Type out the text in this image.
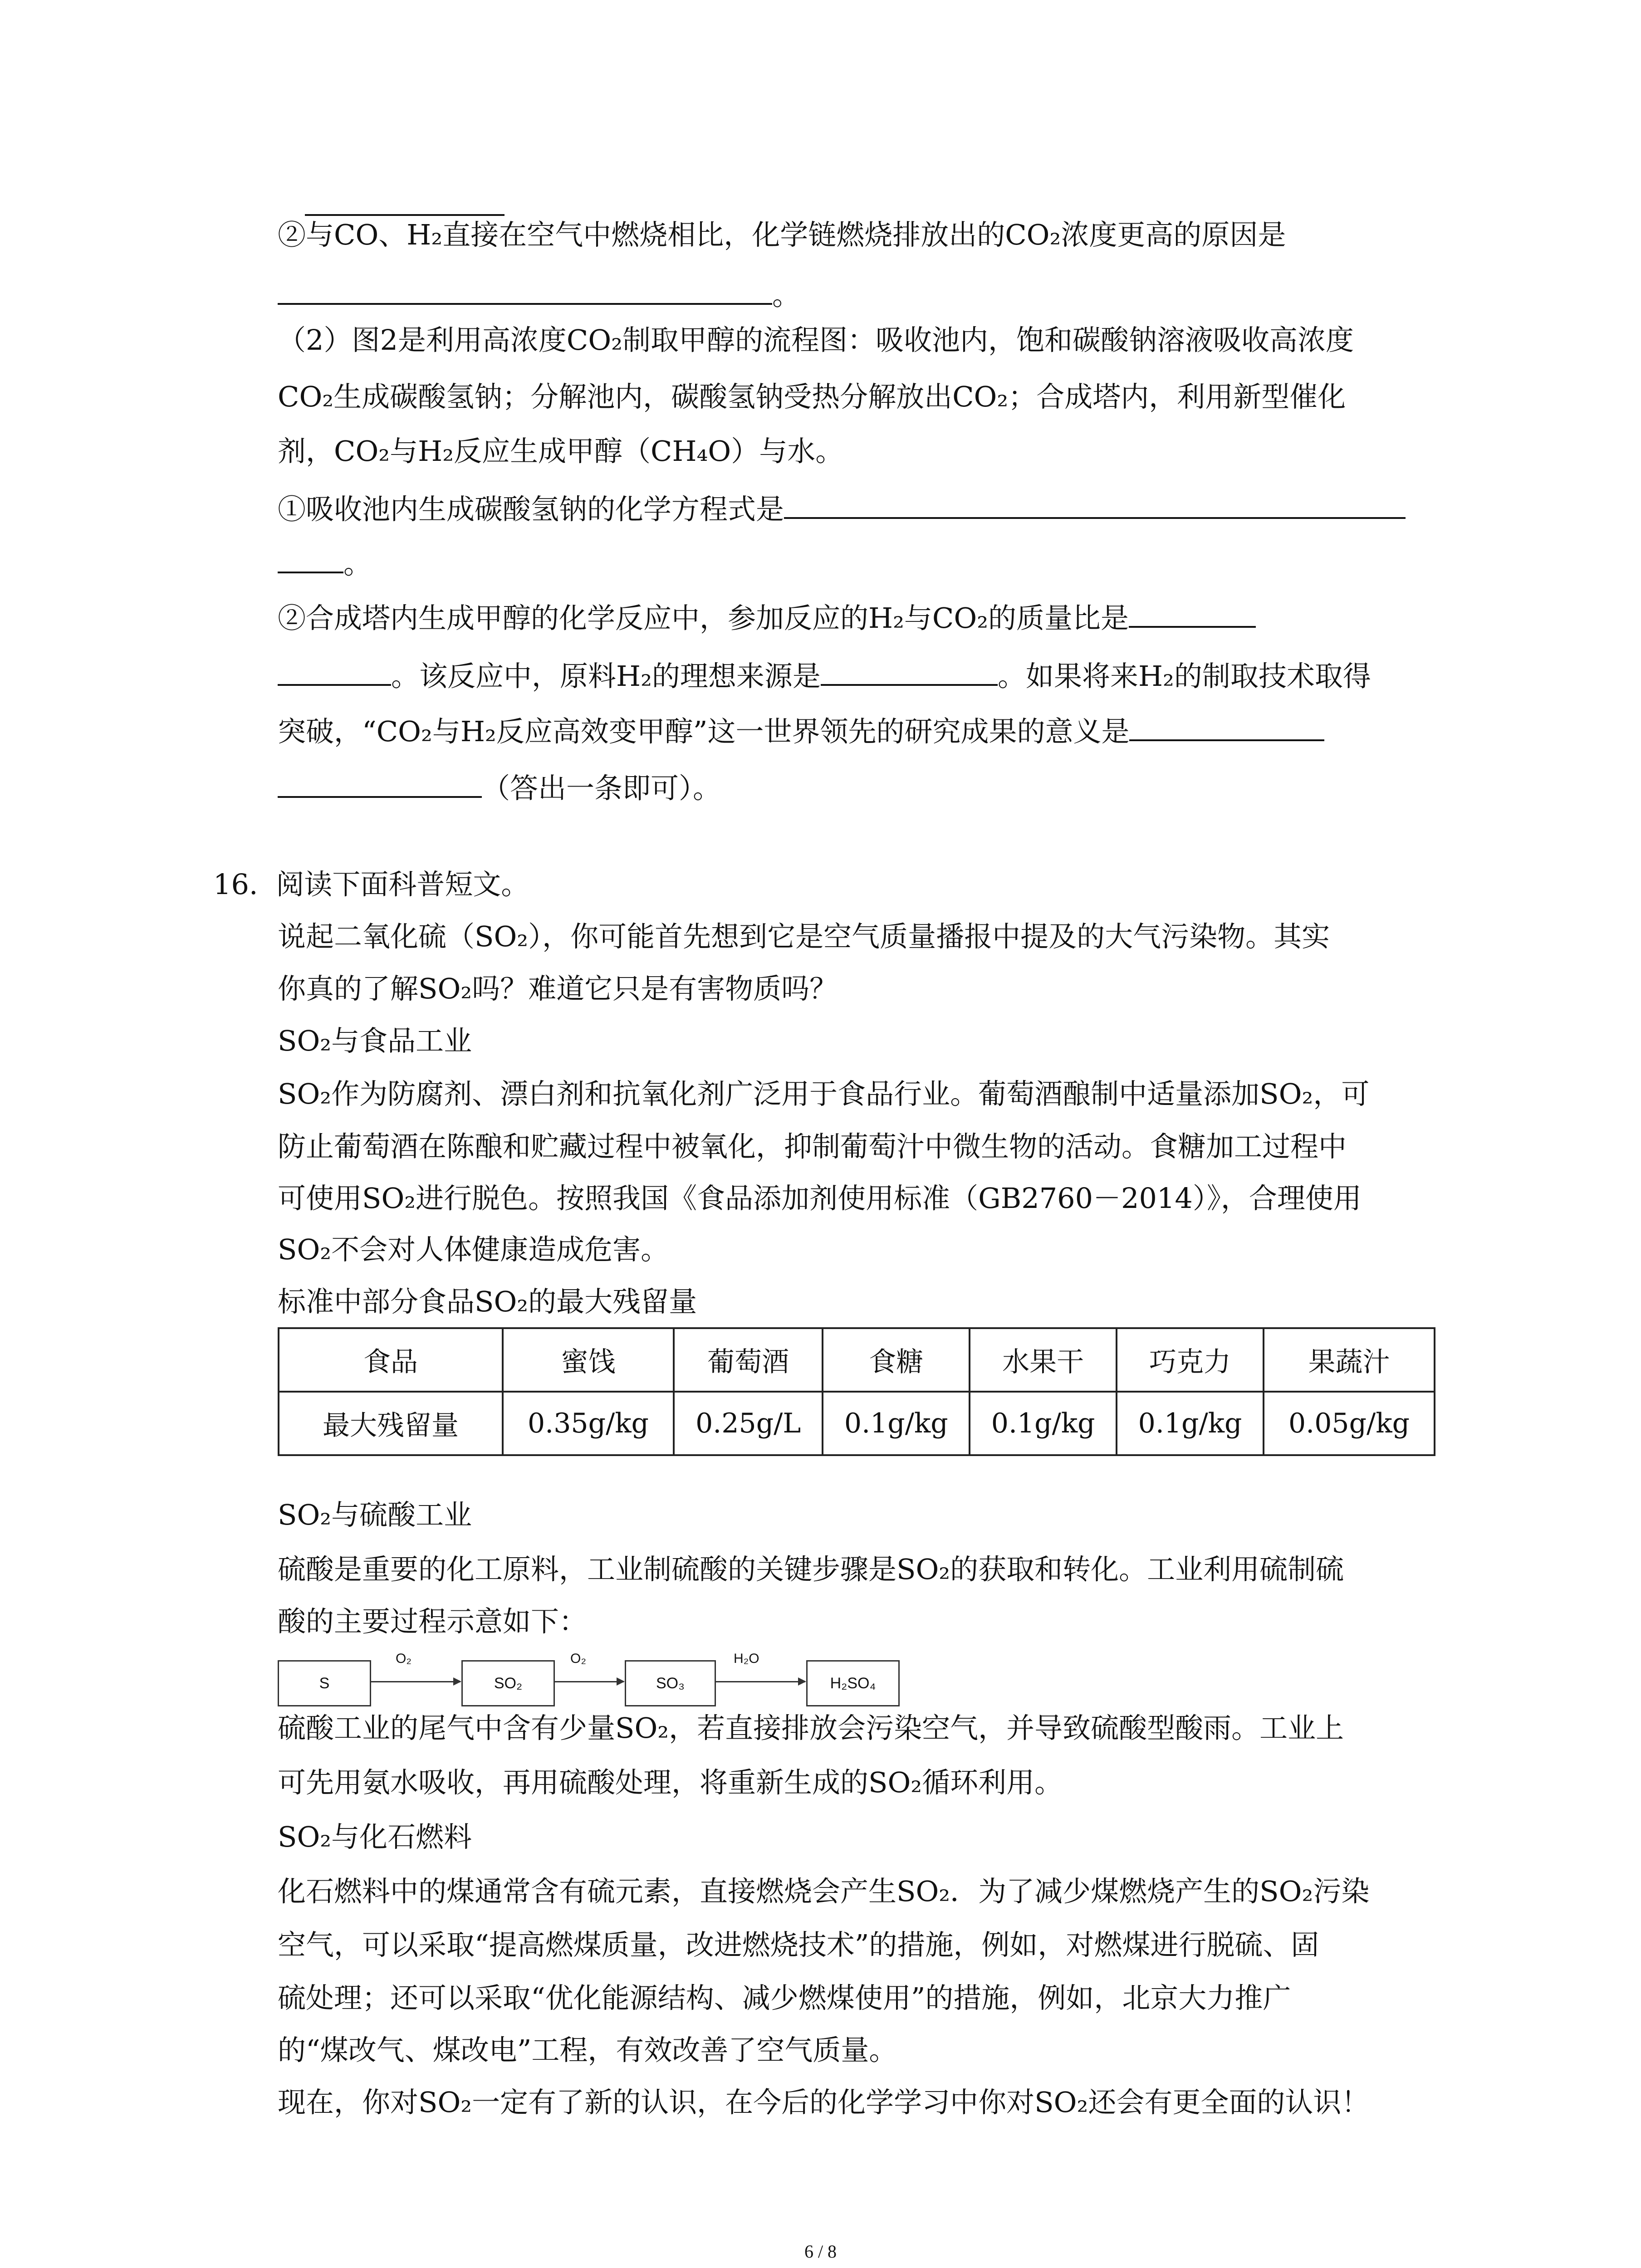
②与CO、H₂直接在空气中燃烧相比，化学链燃烧排放出的CO₂浓度更高的原因是
。
（2）图2是利用高浓度CO₂制取甲醇的流程图：吸收池内，饱和碳酸钠溶液吸收高浓度
CO₂生成碳酸氢钠；分解池内，碳酸氢钠受热分解放出CO₂；合成塔内，利用新型催化
剂，CO₂与H₂反应生成甲醇（CH₄O）与水。
①吸收池内生成碳酸氢钠的化学方程式是
。
②合成塔内生成甲醇的化学反应中，参加反应的H₂与CO₂的质量比是
。该反应中，原料H₂的理想来源是	。如果将来H₂的制取技术取得
突破，“CO₂与H₂反应高效变甲醇”这一世界领先的研究成果的意义是
（答出一条即可）。
16. 阅读下面科普短文。
说起二氧化硫（SO₂），你可能首先想到它是空气质量播报中提及的大气污染物。其实
你真的了解SO₂吗？难道它只是有害物质吗？
SO₂与食品工业
SO₂作为防腐剂、漂白剂和抗氧化剂广泛用于食品行业。葡萄酒酿制中适量添加SO₂，可
防止葡萄酒在陈酿和贮藏过程中被氧化，抑制葡萄汁中微生物的活动。食糖加工过程中
可使用SO₂进行脱色。按照我国《食品添加剂使用标准（GB2760－2014）》，合理使用
SO₂不会对人体健康造成危害。
标准中部分食品SO₂的最大残留量
食品	蜜饯	葡萄酒	食糖	水果干	巧克力	果蔬汁
最大残留量	0.35g/kg	0.25g/L	0.1g/kg	0.1g/kg	0.1g/kg	0.05g/kg
SO₂与硫酸工业
硫酸是重要的化工原料，工业制硫酸的关键步骤是SO₂的获取和转化。工业利用硫制硫
酸的主要过程示意如下：
S
O₂
SO₂
O₂
SO₃
H₂O
H₂SO₄
硫酸工业的尾气中含有少量SO₂，若直接排放会污染空气，并导致硫酸型酸雨。工业上
可先用氨水吸收，再用硫酸处理，将重新生成的SO₂循环利用。
SO₂与化石燃料
化石燃料中的煤通常含有硫元素，直接燃烧会产生SO₂．为了减少煤燃烧产生的SO₂污染
空气，可以采取“提高燃煤质量，改进燃烧技术”的措施，例如，对燃煤进行脱硫、固
硫处理；还可以采取“优化能源结构、减少燃煤使用”的措施，例如，北京大力推广
的“煤改气、煤改电”工程，有效改善了空气质量。
现在，你对SO₂一定有了新的认识，在今后的化学学习中你对SO₂还会有更全面的认识！
6 / 8
